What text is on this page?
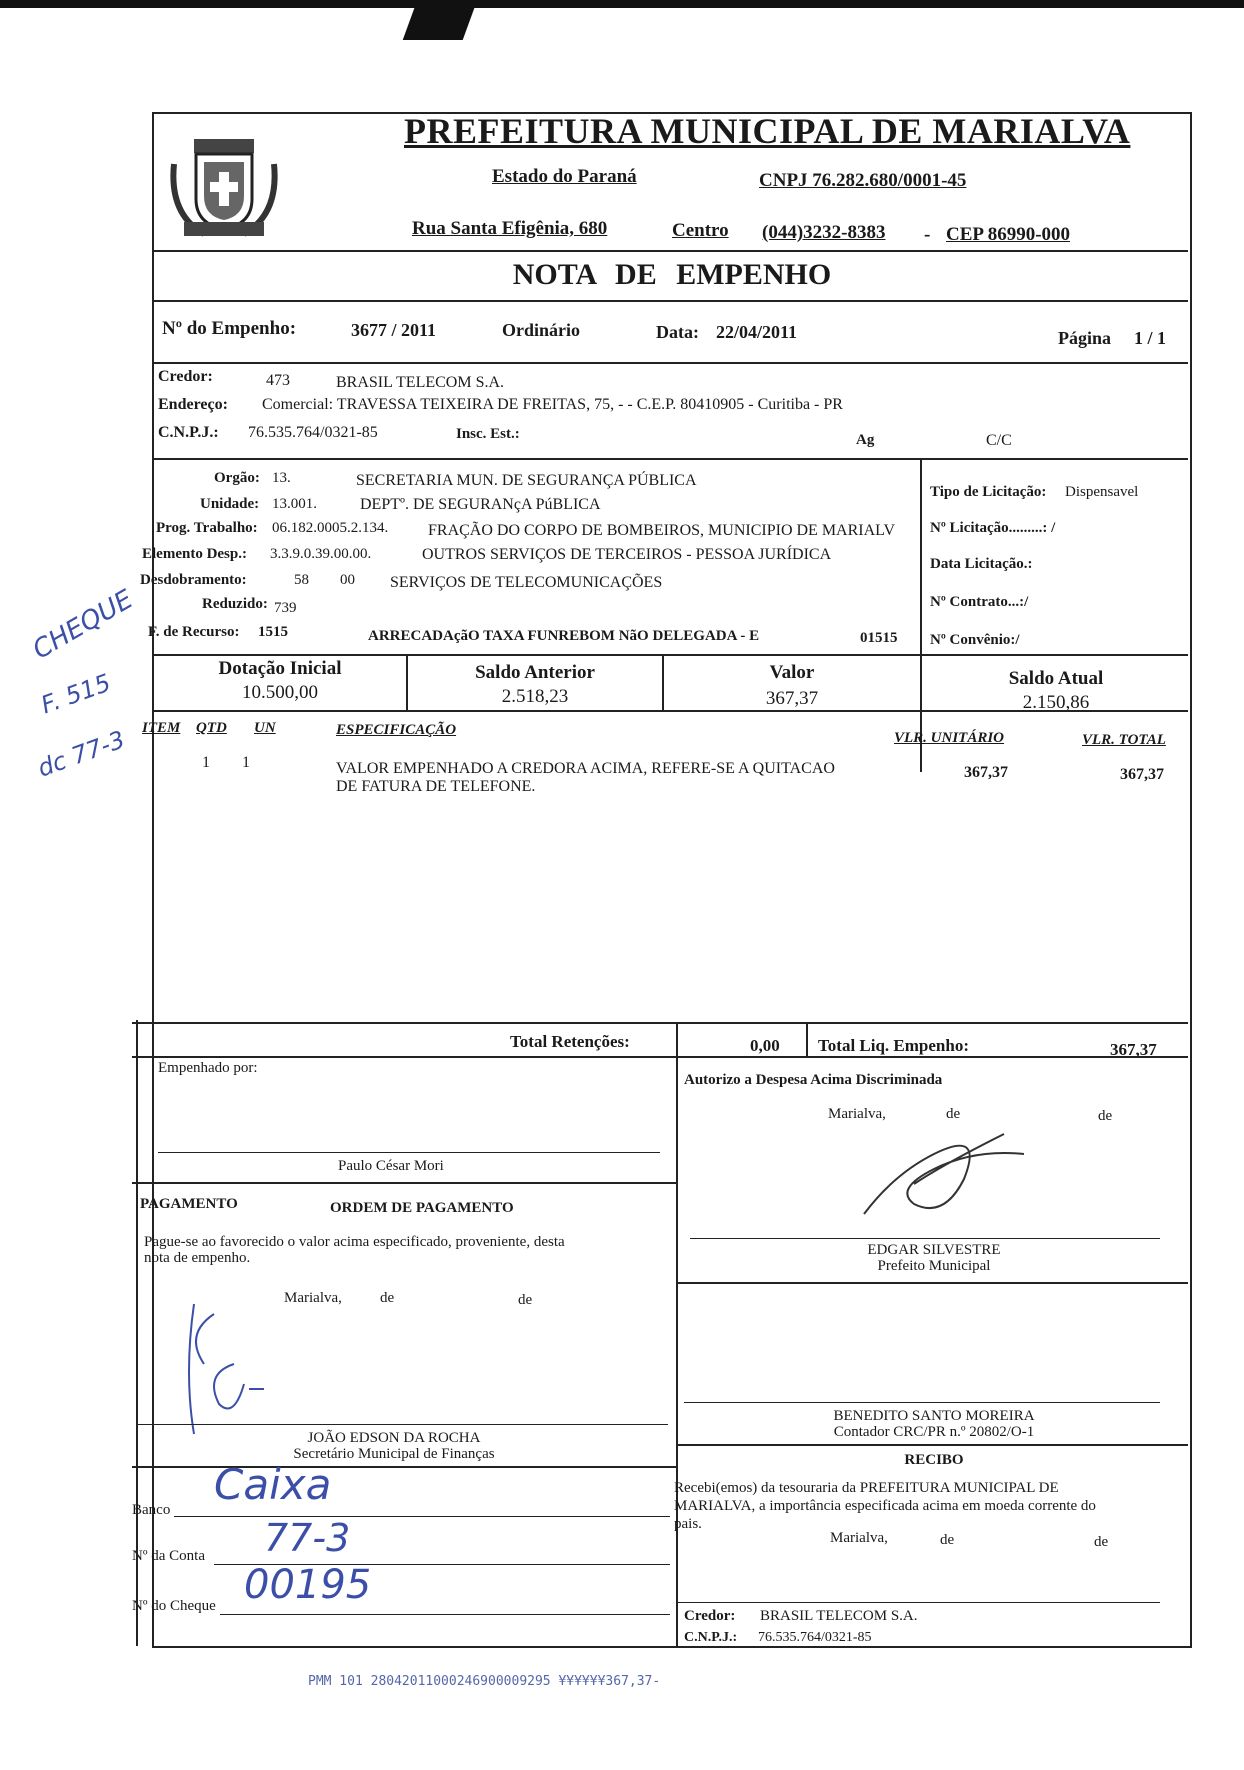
CHEQUE
F. 515
dc 77-3
PREFEITURA MUNICIPAL DE MARIALVA
Estado do Paraná	CNPJ 76.282.680/0001-45
Rua Santa Efigênia, 680	Centro (044)3232-8383 - CEP 86990-000
NOTA DE EMPENHO
Nº do Empenho:	3677 / 2011	Ordinário	Data: 22/04/2011	Página 1 / 1
Credor:	473	BRASIL TELECOM S.A.
Endereço: Comercial: TRAVESSA TEIXEIRA DE FREITAS, 75, - - C.E.P. 80410905 - Curitiba - PR
C.N.P.J.: 76.535.764/0321-85	Insc. Est.:	Ag	C/C
Orgão: 13.	SECRETARIA MUN. DE SEGURANÇA PÚBLICA
Unidade: 13.001.	DEPTº. DE SEGURANçA PúBLICA
Prog. Trabalho: 06.182.0005.2.134. FRAÇÃO DO CORPO DE BOMBEIROS, MUNICIPIO DE MARIALV
Elemento Desp.: 3.3.9.0.39.00.00.	OUTROS SERVIÇOS DE TERCEIROS - PESSOA JURÍDICA
Desdobramento:	58 00 SERVIÇOS DE TELECOMUNICAÇÕES
Reduzido: 739
F. de Recurso: 1515	ARRECADAçãO TAXA FUNREBOM NãO DELEGADA - E	01515
Tipo de Licitação: Dispensavel
Nº Licitação.........: /
Data Licitação.:
Nº Contrato...:/
Nº Convênio:/
Dotação Inicial
10.500,00
Saldo Anterior
2.518,23
Valor
367,37
Saldo Atual
2.150,86
ITEM QTD UN	ESPECIFICAÇÃO	VLR. UNITÁRIO	VLR. TOTAL
1 1	VALOR EMPENHADO A CREDORA ACIMA, REFERE-SE A QUITACAO
DE FATURA DE TELEFONE.
367,37	367,37
Total Retenções:	0,00 Total Liq. Empenho:	367,37
Empenhado por:
Paulo César Mori
Autorizo a Despesa Acima Discriminada
Marialva,	de	de
EDGAR SILVESTRE
Prefeito Municipal
PAGAMENTO	ORDEM DE PAGAMENTO
Pague-se ao favorecido o valor acima especificado, proveniente, desta
nota de empenho.
Marialva,	de	de
JOÃO EDSON DA ROCHA
Secretário Municipal de Finanças
BENEDITO SANTO MOREIRA
Contador CRC/PR n.º 20802/O-1
Banco
Caixa
Nº da Conta 77-3
Nº do Cheque 00195
RECIBO
Recebi(emos) da tesouraria da PREFEITURA MUNICIPAL DE
MARIALVA, a importância especificada acima em moeda corrente do
pais.
Marialva,	de	de
Credor: BRASIL TELECOM S.A.
C.N.P.J.: 76.535.764/0321-85
PMM 101 28042011000246900009295 ¥¥¥¥¥¥367,37-
